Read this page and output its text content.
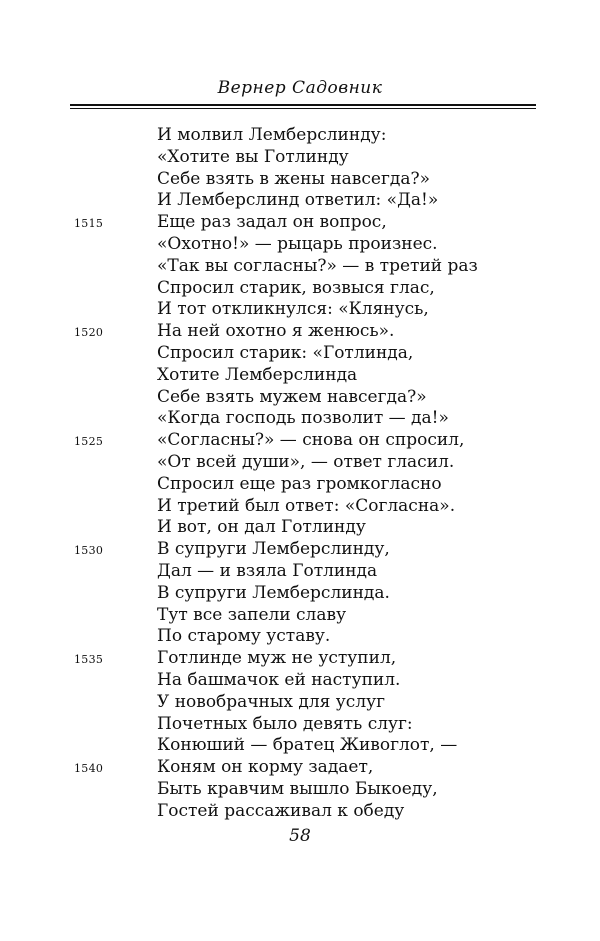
Вернер Садовник
И молвил Лемберслинду:
«Хотите вы Готлинду
Себе взять в жены навсегда?»
И Лемберслинд ответил: «Да!»
1515	Еще раз задал он вопрос,
«Охотно!» — рыцарь произнес.
«Так вы согласны?» — в третий раз
Спросил старик, возвыся глас,
И тот откликнулся: «Клянусь,
1520	На ней охотно я женюсь».
Спросил старик: «Готлинда,
Хотите Лемберслинда
Себе взять мужем навсегда?»
«Когда господь позволит — да!»
1525	«Согласны?» — снова он спросил,
«От всей души», — ответ гласил.
Спросил еще раз громкогласно
И третий был ответ: «Согласна».
И вот, он дал Готлинду
1530	В супруги Лемберслинду,
Дал — и взяла Готлинда
В супруги Лемберслинда.
Тут все запели славу
По старому уставу.
1535	Готлинде муж не уступил,
На башмачок ей наступил.
У новобрачных для услуг
Почетных было девять слуг:
Конюший — братец Живоглот, —
1540	Коням он корму задает,
Быть кравчим вышло Быкоеду,
Гостей рассаживал к обеду
58
